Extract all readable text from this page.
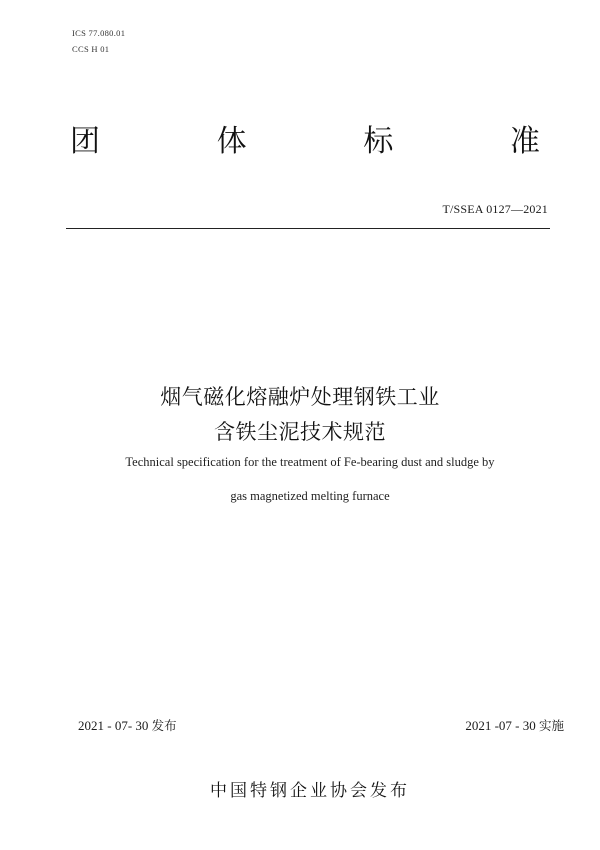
ICS 77.080.01
CCS H 01
团	体	标	准
T/SSEA 0127—2021
烟气磁化熔融炉处理钢铁工业
含铁尘泥技术规范
Technical specification for the treatment of Fe-bearing dust and sludge by
gas magnetized melting furnace
2021 - 07- 30 发布	2021 -07 - 30 实施
中国特钢企业协会发布
